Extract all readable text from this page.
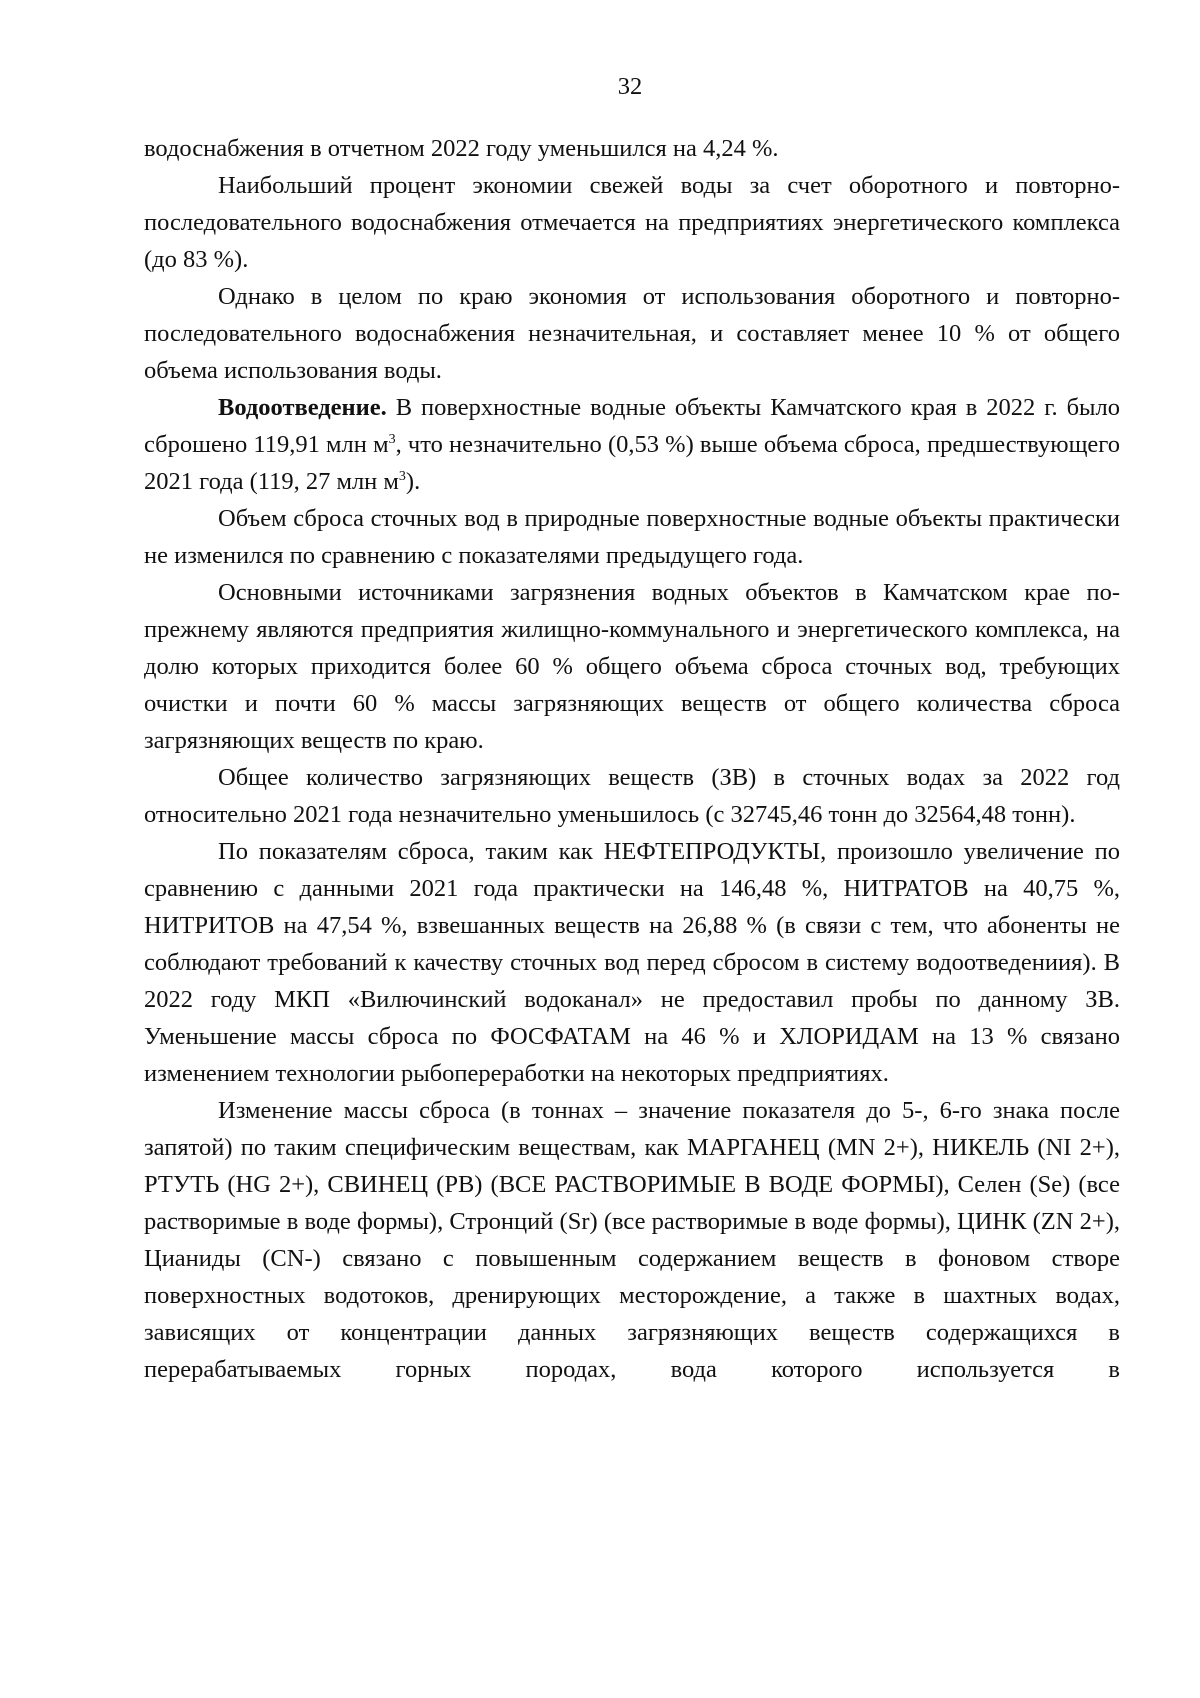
32

водоснабжения в отчетном 2022 году уменьшился на 4,24 %.

Наибольший процент экономии свежей воды за счет оборотного и повторно-последовательного водоснабжения отмечается на предприятиях энергетического комплекса (до 83 %).

Однако в целом по краю экономия от использования оборотного и повторно-последовательного водоснабжения незначительная, и составляет менее 10 % от общего объема использования воды.

Водоотведение. В поверхностные водные объекты Камчатского края в 2022 г. было сброшено 119,91 млн $м^3$, что незначительно (0,53 %) выше объема сброса, предшествующего 2021 года (119, 27 млн $м^3$).

Объем сброса сточных вод в природные поверхностные водные объекты практически не изменился по сравнению с показателями предыдущего года.

Основными источниками загрязнения водных объектов в Камчатском крае по-прежнему являются предприятия жилищно-коммунального и энергетического комплекса, на долю которых приходится более 60 % общего объема сброса сточных вод, требующих очистки и почти 60 % массы загрязняющих веществ от общего количества сброса загрязняющих веществ по краю.

Общее количество загрязняющих веществ (ЗВ) в сточных водах за 2022 год относительно 2021 года незначительно уменьшилось (с 32745,46 тонн до 32564,48 тонн).

По показателям сброса, таким как НЕФТЕПРОДУКТЫ, произошло увеличение по сравнению с данными 2021 года практически на 146,48 %, НИТРАТОВ на 40,75 %, НИТРИТОВ на 47,54 %, взвешанных веществ на 26,88 % (в связи с тем, что абоненты не соблюдают требований к качеству сточных вод перед сбросом в систему водоотведениия). В 2022 году МКП «Вилючинский водоканал» не предоставил пробы по данному ЗВ. Уменьшение массы сброса по ФОСФАТАМ на 46 % и ХЛОРИДАМ на 13 % связано изменением технологии рыбопереработки на некоторых предприятиях.

Изменение массы сброса (в тоннах – значение показателя до 5-, 6-го знака после запятой) по таким специфическим веществам, как МАРГАНЕЦ (MN 2+), НИКЕЛЬ (NI 2+), РТУТЬ (HG 2+), СВИНЕЦ (PB) (ВСЕ РАСТВОРИМЫЕ В ВОДЕ ФОРМЫ), Селен (Se) (все растворимые в воде формы), Стронций (Sr) (все растворимые в воде формы), ЦИНК (ZN 2+), Цианиды (CN-) связано с повышенным содержанием веществ в фоновом створе поверхностных водотоков, дренирующих месторождение, а также в шахтных водах, зависящих от концентрации данных загрязняющих веществ содержащихся в перерабатываемых горных породах, вода которого используется в
